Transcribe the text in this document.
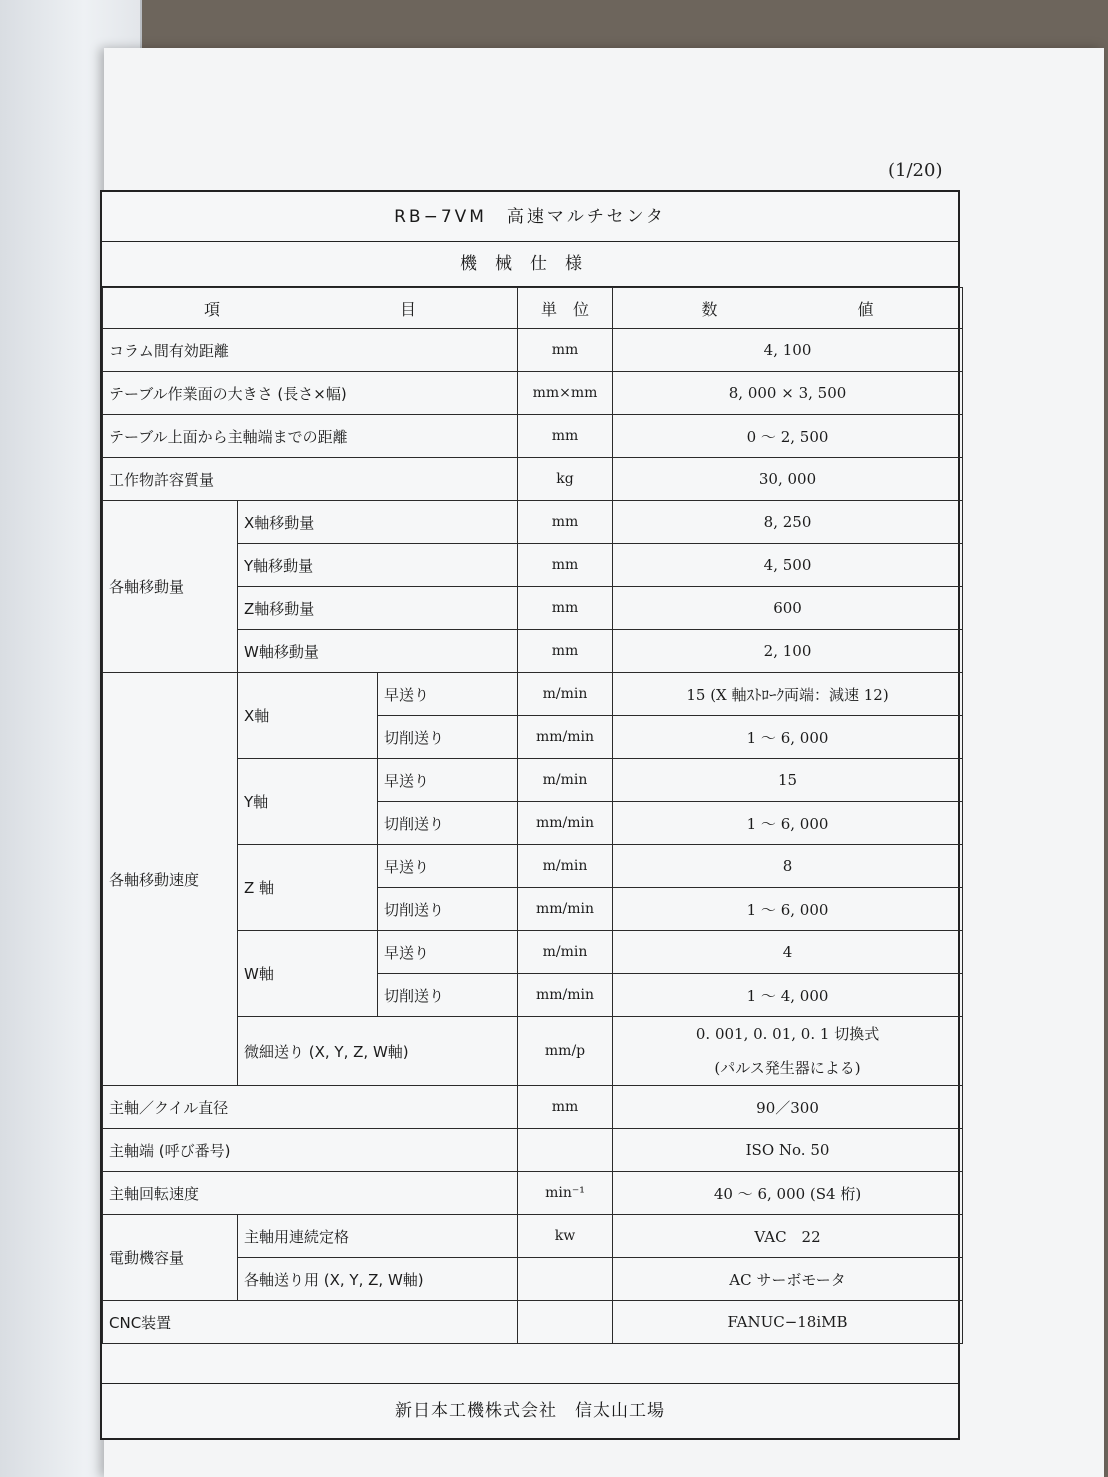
(1/20)
RB−7VM　高速マルチセンタ
機械仕様
項 目			単　位	数 値
コラム間有効距離			mm	4, 100
テーブル作業面の大きさ (長さ×幅)			mm×mm	8, 000 × 3, 500
テーブル上面から主軸端までの距離			mm	0 ～ 2, 500
工作物許容質量			kg	30, 000
各軸移動量	X軸移動量		mm	8, 250
	Y軸移動量		mm	4, 500
	Z軸移動量		mm	600
	W軸移動量		mm	2, 100
各軸移動速度	X軸	早送り	m/min	15 (X 軸ｽﾄﾛｰｸ両端：減速 12)
		切削送り	mm/min	1 ～ 6, 000
	Y軸	早送り	m/min	15
		切削送り	mm/min	1 ～ 6, 000
	Z 軸	早送り	m/min	8
		切削送り	mm/min	1 ～ 6, 000
	W軸	早送り	m/min	4
		切削送り	mm/min	1 ～ 4, 000
	微細送り (X, Y, Z, W軸)		mm/p	0. 001, 0. 01, 0. 1 切換式
(パルス発生器による)

主軸／クイル直径			mm	90／300
主軸端 (呼び番号)				ISO No. 50
主軸回転速度			min⁻¹	40 ～ 6, 000 (S4 桁)
電動機容量	主軸用連続定格		kw	VAC　22
	各軸送り用 (X, Y, Z, W軸)			AC サーボモータ
CNC装置				FANUC−18iMB
新日本工機株式会社　信太山工場
